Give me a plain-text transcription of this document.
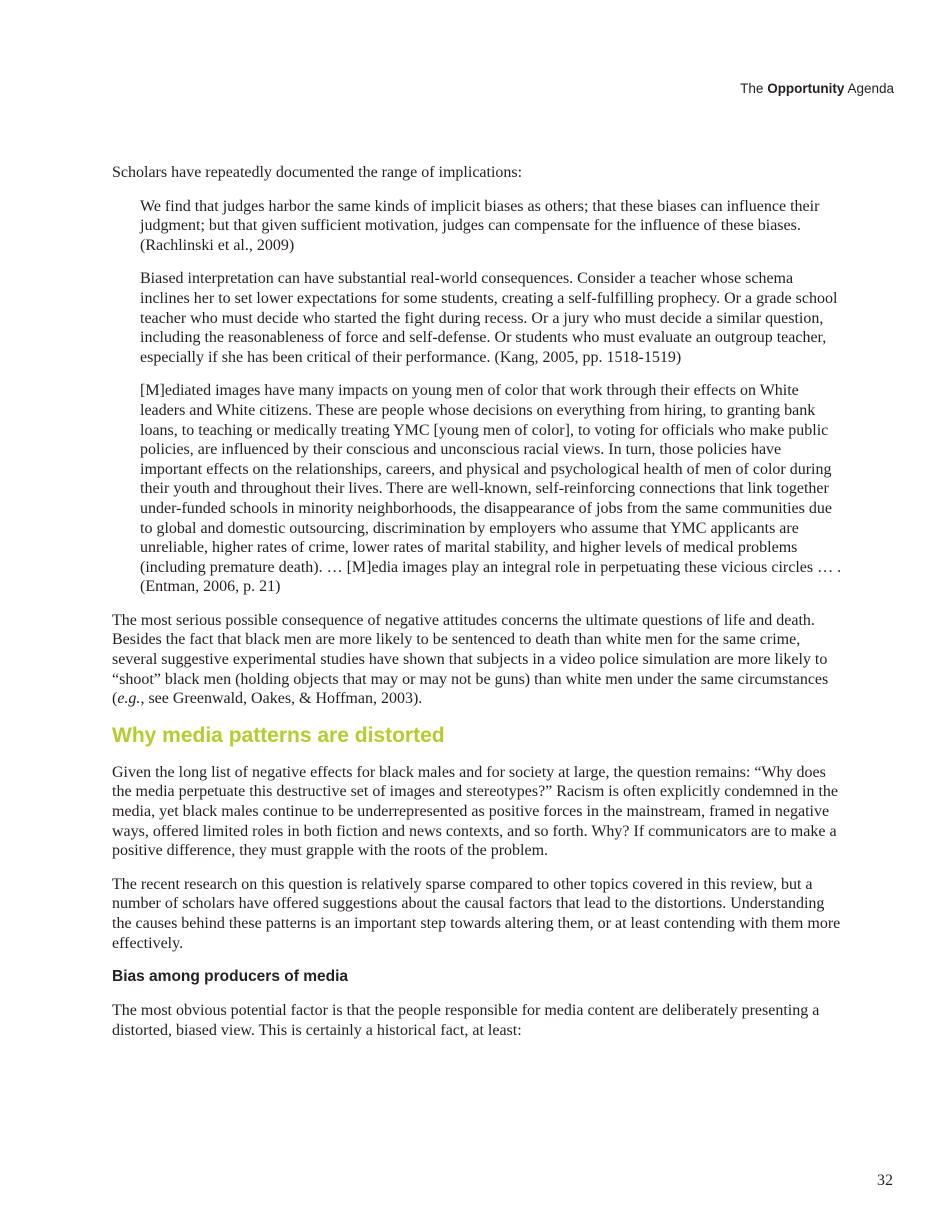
The Opportunity Agenda

Scholars have repeatedly documented the range of implications:

We find that judges harbor the same kinds of implicit biases as others; that these biases can influence their judgment; but that given sufficient motivation, judges can compensate for the influence of these biases. (Rachlinski et al., 2009)

Biased interpretation can have substantial real-world consequences. Consider a teacher whose schema inclines her to set lower expectations for some students, creating a self-fulfilling prophecy. Or a grade school teacher who must decide who started the fight during recess. Or a jury who must decide a similar question, including the reasonableness of force and self-defense. Or students who must evaluate an outgroup teacher, especially if she has been critical of their performance. (Kang, 2005, pp. 1518-1519)

[M]ediated images have many impacts on young men of color that work through their effects on White leaders and White citizens. These are people whose decisions on everything from hiring, to granting bank loans, to teaching or medically treating YMC [young men of color], to voting for officials who make public policies, are influenced by their conscious and unconscious racial views. In turn, those policies have important effects on the relationships, careers, and physical and psychological health of men of color during their youth and throughout their lives. There are well-known, self-reinforcing connections that link together under-funded schools in minority neighborhoods, the disappearance of jobs from the same communities due to global and domestic outsourcing, discrimination by employers who assume that YMC applicants are unreliable, higher rates of crime, lower rates of marital stability, and higher levels of medical problems (including premature death). … [M]edia images play an integral role in perpetuating these vicious circles … . (Entman, 2006, p. 21)

The most serious possible consequence of negative attitudes concerns the ultimate questions of life and death. Besides the fact that black men are more likely to be sentenced to death than white men for the same crime, several suggestive experimental studies have shown that subjects in a video police simulation are more likely to “shoot” black men (holding objects that may or may not be guns) than white men under the same circumstances (e.g., see Greenwald, Oakes, & Hoffman, 2003).

Why media patterns are distorted

Given the long list of negative effects for black males and for society at large, the question remains: “Why does the media perpetuate this destructive set of images and stereotypes?” Racism is often explicitly condemned in the media, yet black males continue to be underrepresented as positive forces in the mainstream, framed in negative ways, offered limited roles in both fiction and news contexts, and so forth. Why? If communicators are to make a positive difference, they must grapple with the roots of the problem.

The recent research on this question is relatively sparse compared to other topics covered in this review, but a number of scholars have offered suggestions about the causal factors that lead to the distortions. Understanding the causes behind these patterns is an important step towards altering them, or at least contending with them more effectively.

Bias among producers of media

The most obvious potential factor is that the people responsible for media content are deliberately presenting a distorted, biased view. This is certainly a historical fact, at least:

32
